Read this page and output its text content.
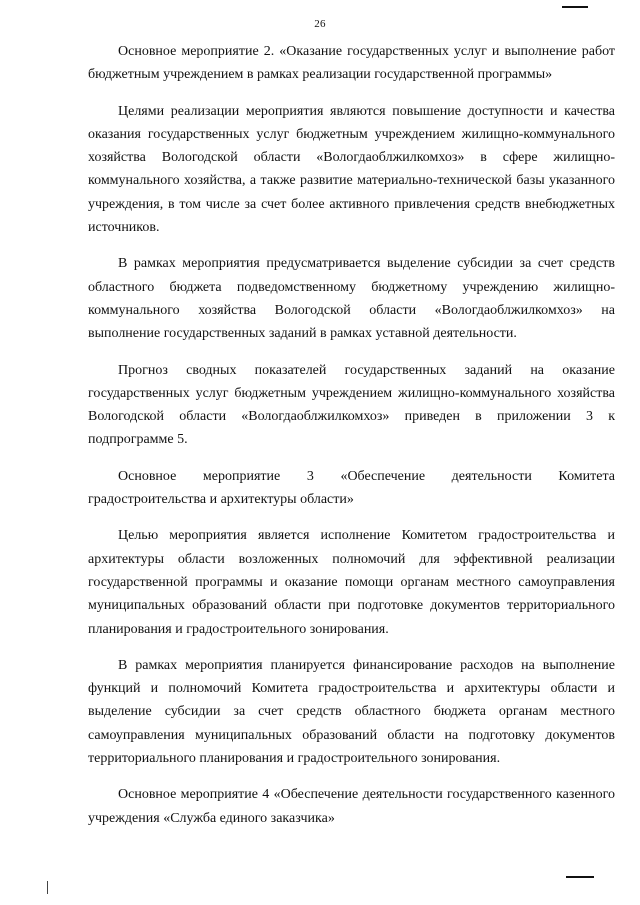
26

Основное мероприятие 2. «Оказание государственных услуг и выполнение работ бюджетным учреждением в рамках реализации государственной программы»

Целями реализации мероприятия являются повышение доступности и качества оказания государственных услуг бюджетным учреждением жилищно-коммунального хозяйства Вологодской области «Вологдаоблжилкомхоз» в сфере жилищно-коммунального хозяйства, а также развитие материально-технической базы указанного учреждения, в том числе за счет более активного привлечения средств внебюджетных источников.

В рамках мероприятия предусматривается выделение субсидии за счет средств областного бюджета подведомственному бюджетному учреждению жилищно-коммунального хозяйства Вологодской области «Вологдаоблжилкомхоз» на выполнение государственных заданий в рамках уставной деятельности.

Прогноз сводных показателей государственных заданий на оказание государственных услуг бюджетным учреждением жилищно-коммунального хозяйства Вологодской области «Вологдаоблжилкомхоз» приведен в приложении 3 к подпрограмме 5.

Основное мероприятие 3 «Обеспечение деятельности Комитета градостроительства и архитектуры области»

Целью мероприятия является исполнение Комитетом градостроительства и архитектуры области возложенных полномочий для эффективной реализации государственной программы и оказание помощи органам местного самоуправления муниципальных образований области при подготовке документов территориального планирования и градостроительного зонирования.

В рамках мероприятия планируется финансирование расходов на выполнение функций и полномочий Комитета градостроительства и архитектуры области и выделение субсидии за счет средств областного бюджета органам местного самоуправления муниципальных образований области на подготовку документов территориального планирования и градостроительного зонирования.

Основное мероприятие 4 «Обеспечение деятельности государственного казенного учреждения «Служба единого заказчика»
